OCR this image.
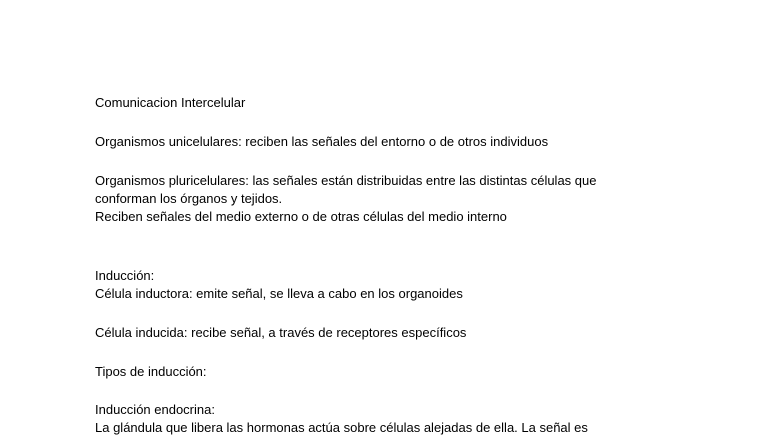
Comunicacion Intercelular
Organismos unicelulares: reciben las señales del entorno o de otros individuos
Organismos pluricelulares: las señales están distribuidas entre las distintas células que
conforman los órganos y tejidos.
Reciben señales del medio externo o de otras células del medio interno
Inducción:
Célula inductora: emite señal, se lleva a cabo en los organoides
Célula inducida: recibe señal, a través de receptores específicos
Tipos de inducción:
Inducción endocrina:
La glándula que libera las hormonas actúa sobre células alejadas de ella. La señal es
